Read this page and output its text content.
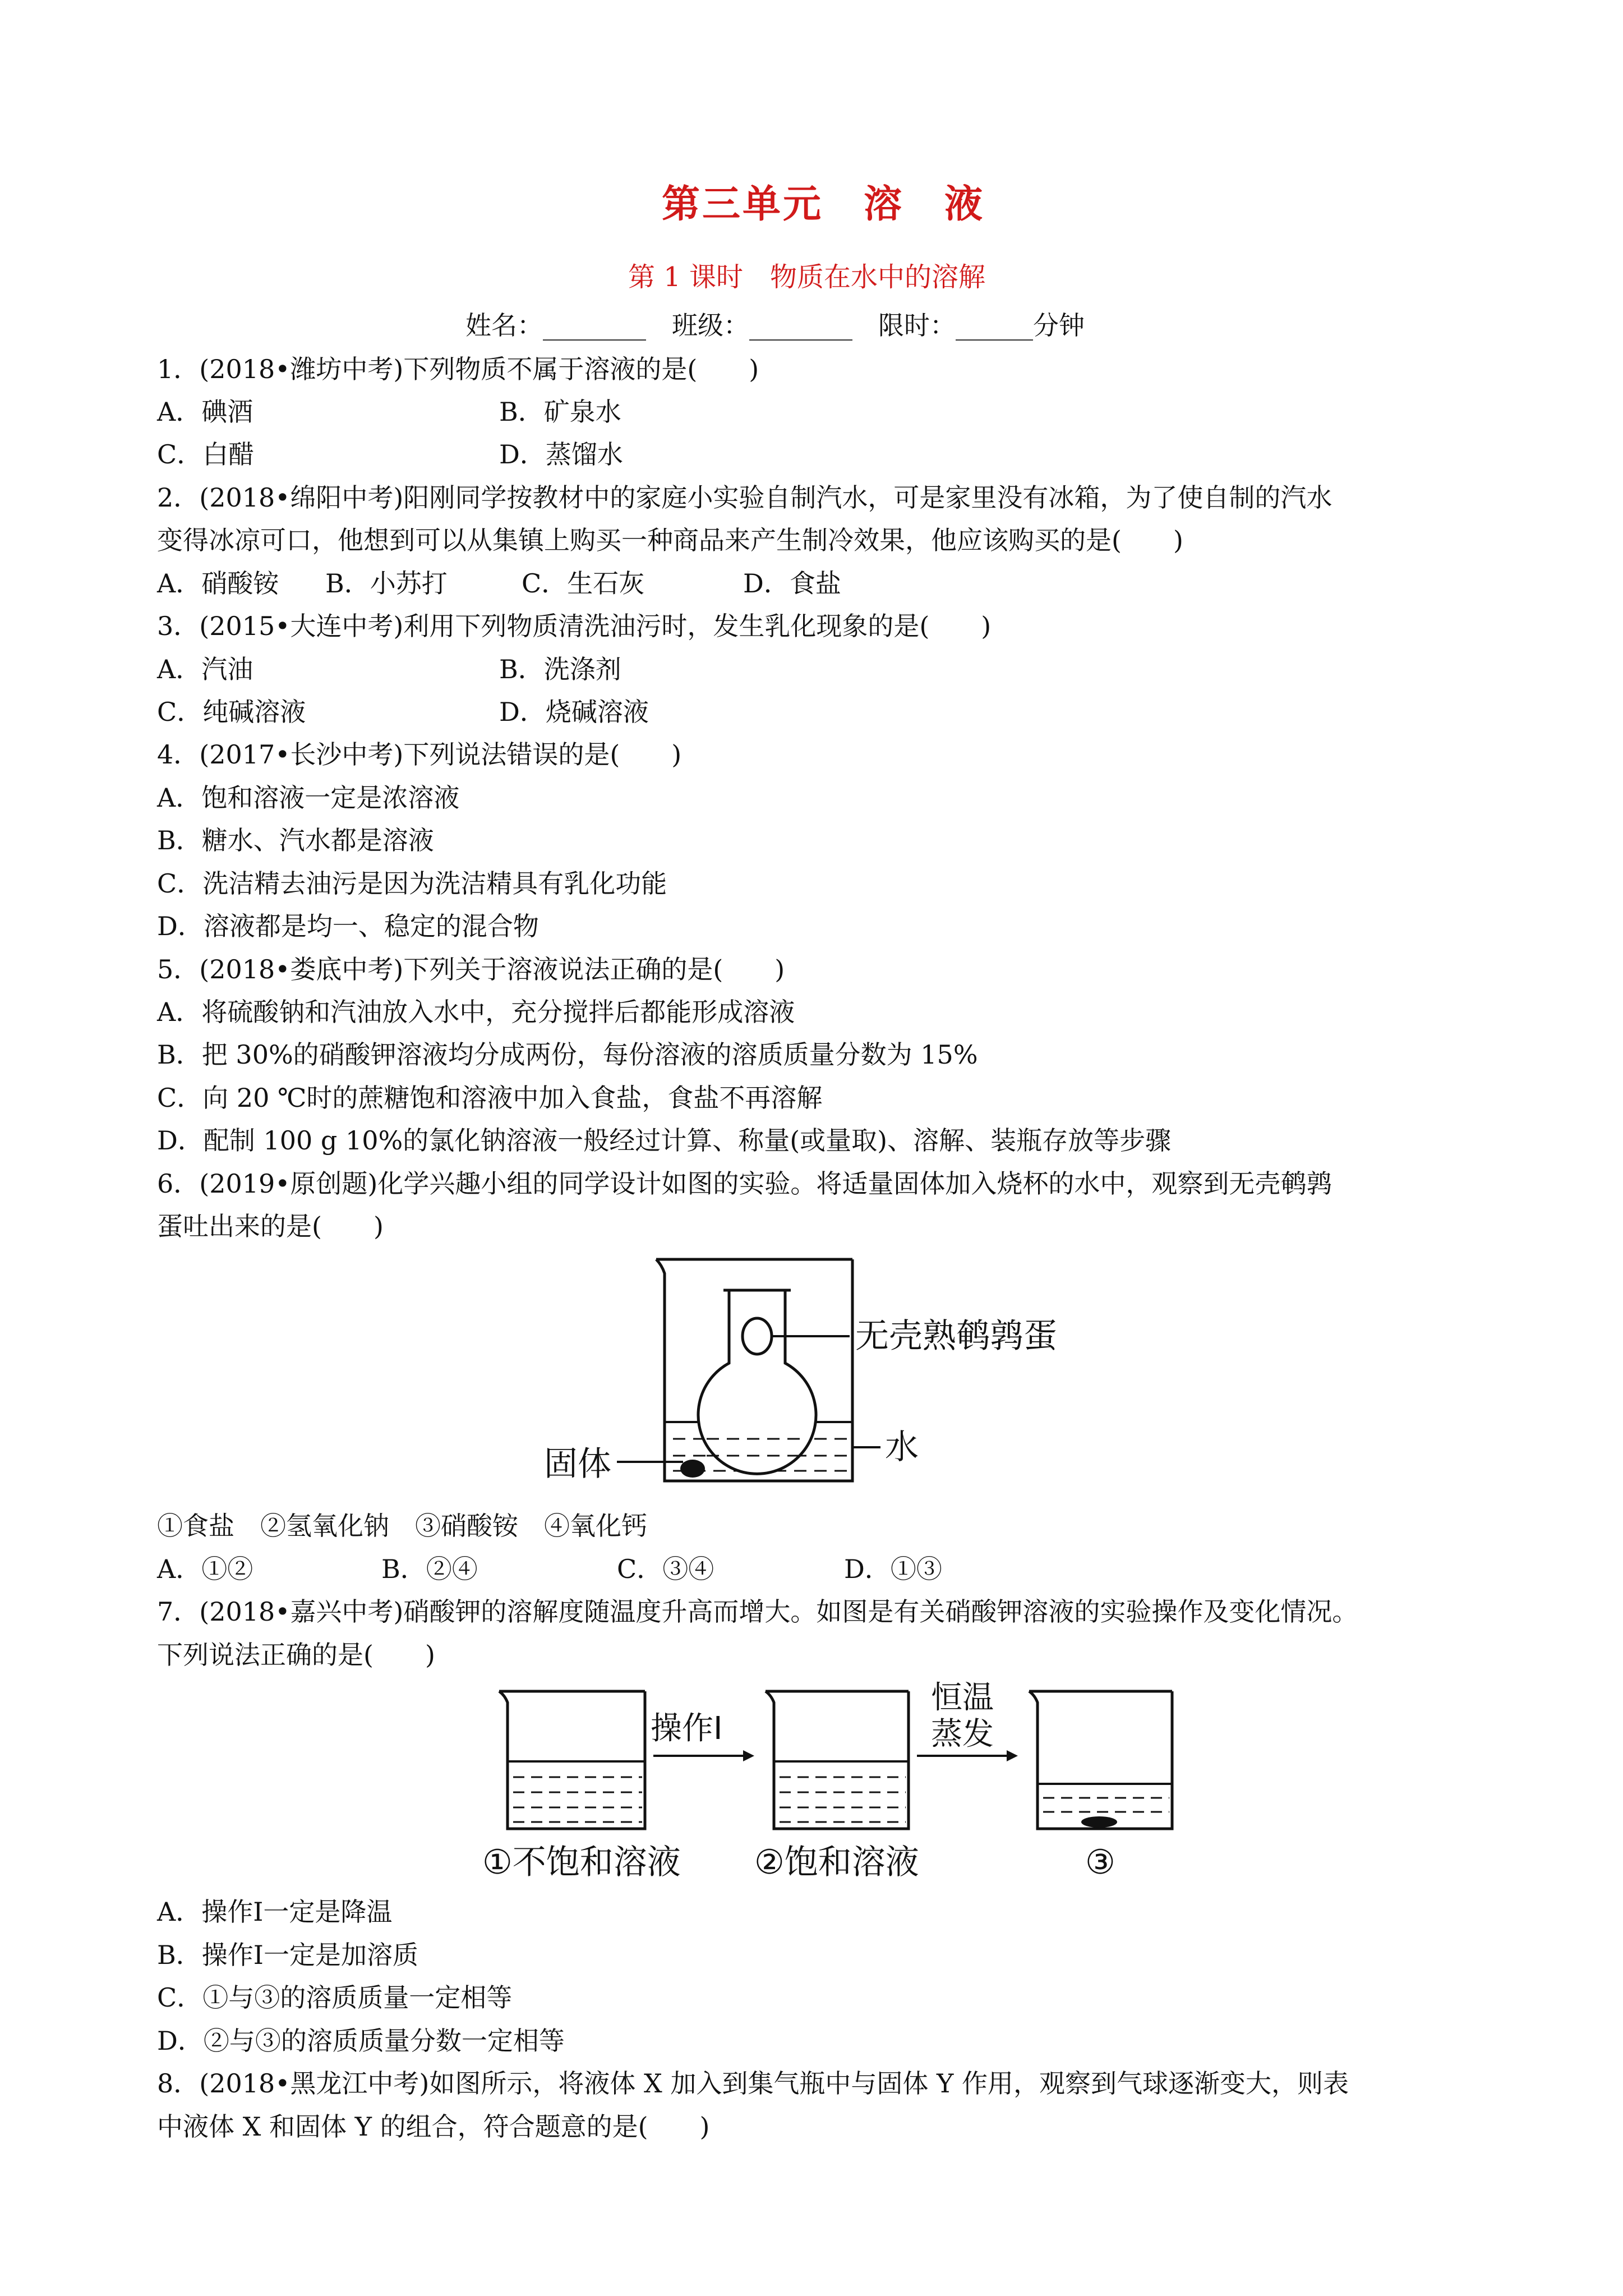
第三单元　溶　液
第 1 课时　物质在水中的溶解
姓名：________　班级：________　限时：______分钟
1．(2018•潍坊中考)下列物质不属于溶液的是(　　)
A．碘酒	B．矿泉水
C．白醋	D．蒸馏水
2．(2018•绵阳中考)阳刚同学按教材中的家庭小实验自制汽水，可是家里没有冰箱，为了使自制的汽水
变得冰凉可口，他想到可以从集镇上购买一种商品来产生制冷效果，他应该购买的是(　　)
A．硝酸铵 B．小苏打	C．生石灰	D．食盐
3．(2015•大连中考)利用下列物质清洗油污时，发生乳化现象的是(　　)
A．汽油	B．洗涤剂
C．纯碱溶液	D．烧碱溶液
4．(2017•长沙中考)下列说法错误的是(　　)
A．饱和溶液一定是浓溶液
B．糖水、汽水都是溶液
C．洗洁精去油污是因为洗洁精具有乳化功能
D．溶液都是均一、稳定的混合物
5．(2018•娄底中考)下列关于溶液说法正确的是(　　)
A．将硫酸钠和汽油放入水中，充分搅拌后都能形成溶液
B．把 30%的硝酸钾溶液均分成两份，每份溶液的溶质质量分数为 15%
C．向 20 ℃时的蔗糖饱和溶液中加入食盐，食盐不再溶解
D．配制 100 g 10%的氯化钠溶液一般经过计算、称量(或量取)、溶解、装瓶存放等步骤
6．(2019•原创题)化学兴趣小组的同学设计如图的实验。将适量固体加入烧杯的水中，观察到无壳鹌鹑
蛋吐出来的是(　　)
无壳熟鹌鹑蛋
固体	水
①食盐　②氢氧化钠　③硝酸铵　④氧化钙
A．①②	B．②④	C．③④	D．①③
7．(2018•嘉兴中考)硝酸钾的溶解度随温度升高而增大。如图是有关硝酸钾溶液的实验操作及变化情况。
下列说法正确的是(　　)
操作Ⅰ
恒温
蒸发
①不饱和溶液 ②饱和溶液	③
A．操作Ⅰ一定是降温
B．操作Ⅰ一定是加溶质
C．①与③的溶质质量一定相等
D．②与③的溶质质量分数一定相等
8．(2018•黑龙江中考)如图所示，将液体 X 加入到集气瓶中与固体 Y 作用，观察到气球逐渐变大，则表
中液体 X 和固体 Y 的组合，符合题意的是(　　)
